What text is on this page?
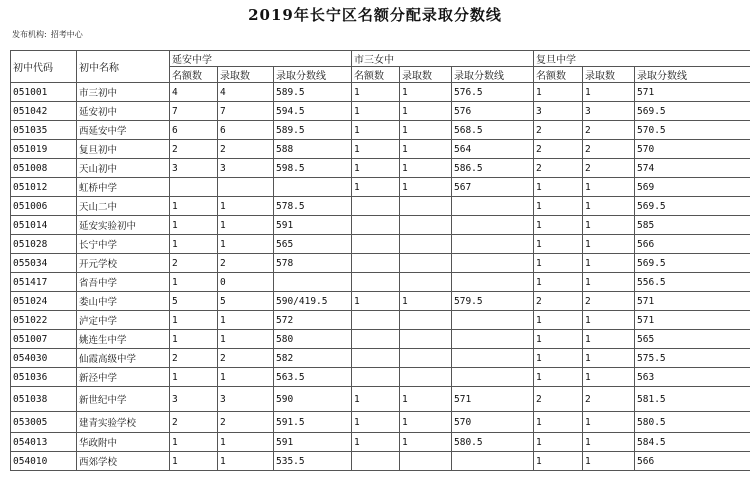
2019年长宁区名额分配录取分数线
发布机构: 招考中心
初中代码	初中名称	延安中学			市三女中			复旦中学		
		名额数	录取数	录取分数线	名额数	录取数	录取分数线	名额数	录取数	录取分数线
051001	市三初中	4	4	589.5	1	1	576.5	1	1	571
051042	延安初中	7	7	594.5	1	1	576	3	3	569.5
051035	西延安中学	6	6	589.5	1	1	568.5	2	2	570.5
051019	复旦初中	2	2	588	1	1	564	2	2	570
051008	天山初中	3	3	598.5	1	1	586.5	2	2	574
051012	虹桥中学				1	1	567	1	1	569
051006	天山二中	1	1	578.5				1	1	569.5
051014	延安实验初中	1	1	591				1	1	585
051028	长宁中学	1	1	565				1	1	566
055034	开元学校	2	2	578				1	1	569.5
051417	省吾中学	1	0					1	1	556.5
051024	娄山中学	5	5	590/419.5	1	1	579.5	2	2	571
051022	泸定中学	1	1	572				1	1	571
051007	姚连生中学	1	1	580				1	1	565
054030	仙霞高级中学	2	2	582				1	1	575.5
051036	新泾中学	1	1	563.5				1	1	563
051038	新世纪中学	3	3	590	1	1	571	2	2	581.5
053005	建青实验学校	2	2	591.5	1	1	570	1	1	580.5
054013	华政附中	1	1	591	1	1	580.5	1	1	584.5
054010	西郊学校	1	1	535.5				1	1	566
